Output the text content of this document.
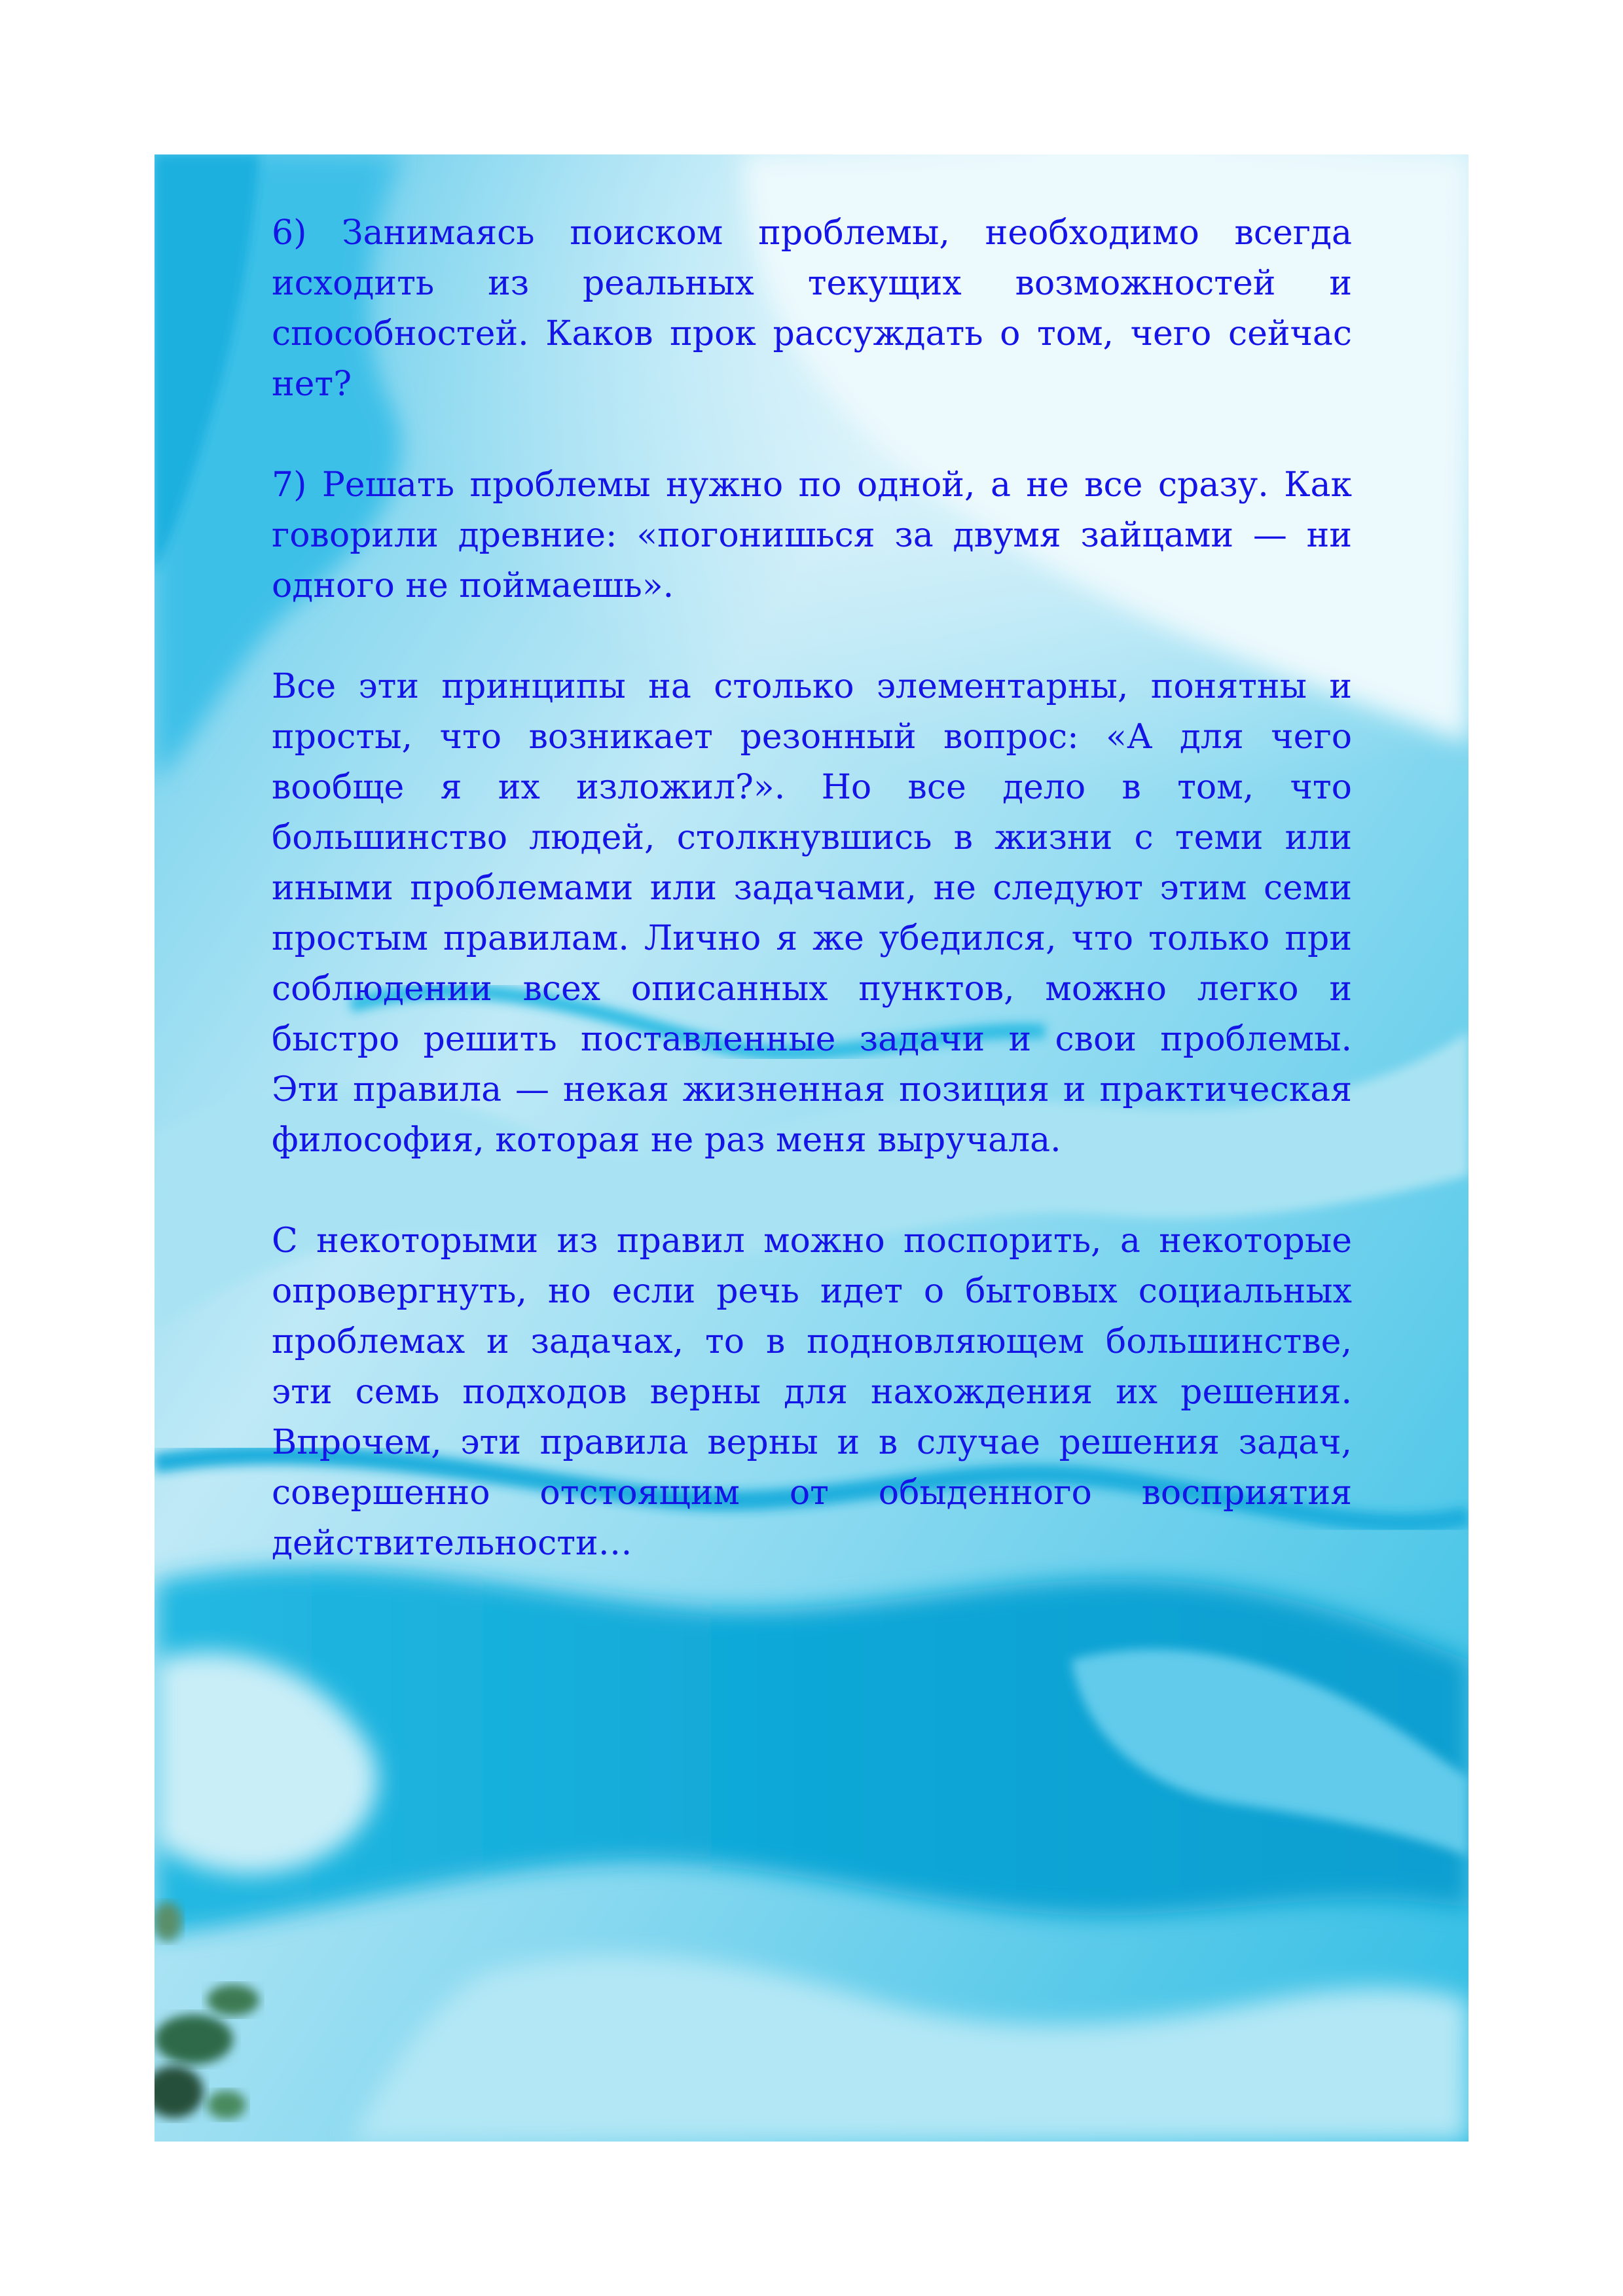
6) Занимаясь поиском проблемы, необходимо всегда исходить из реальных текущих возможностей и способностей. Каков прок рассуждать о том, чего сейчас нет?

7) Решать проблемы нужно по одной, а не все сразу. Как говорили древние: «погонишься за двумя зайцами — ни одного не поймаешь».

Все эти принципы на столько элементарны, понятны и просты, что возникает резонный вопрос: «А для чего вообще я их изложил?». Но все дело в том, что большинство людей, столкнувшись в жизни с теми или иными проблемами или задачами, не следуют этим семи простым правилам. Лично я же убедился, что только при соблюдении всех описанных пунктов, можно легко и быстро решить поставленные задачи и свои проблемы. Эти правила — некая жизненная позиция и практическая философия, которая не раз меня выручала.

С некоторыми из правил можно поспорить, а некоторые опровергнуть, но если речь идет о бытовых социальных проблемах и задачах, то в подновляющем большинстве, эти семь подходов верны для нахождения их решения. Впрочем, эти правила верны и в случае решения задач, совершенно отстоящим от обыденного восприятия действительности…
